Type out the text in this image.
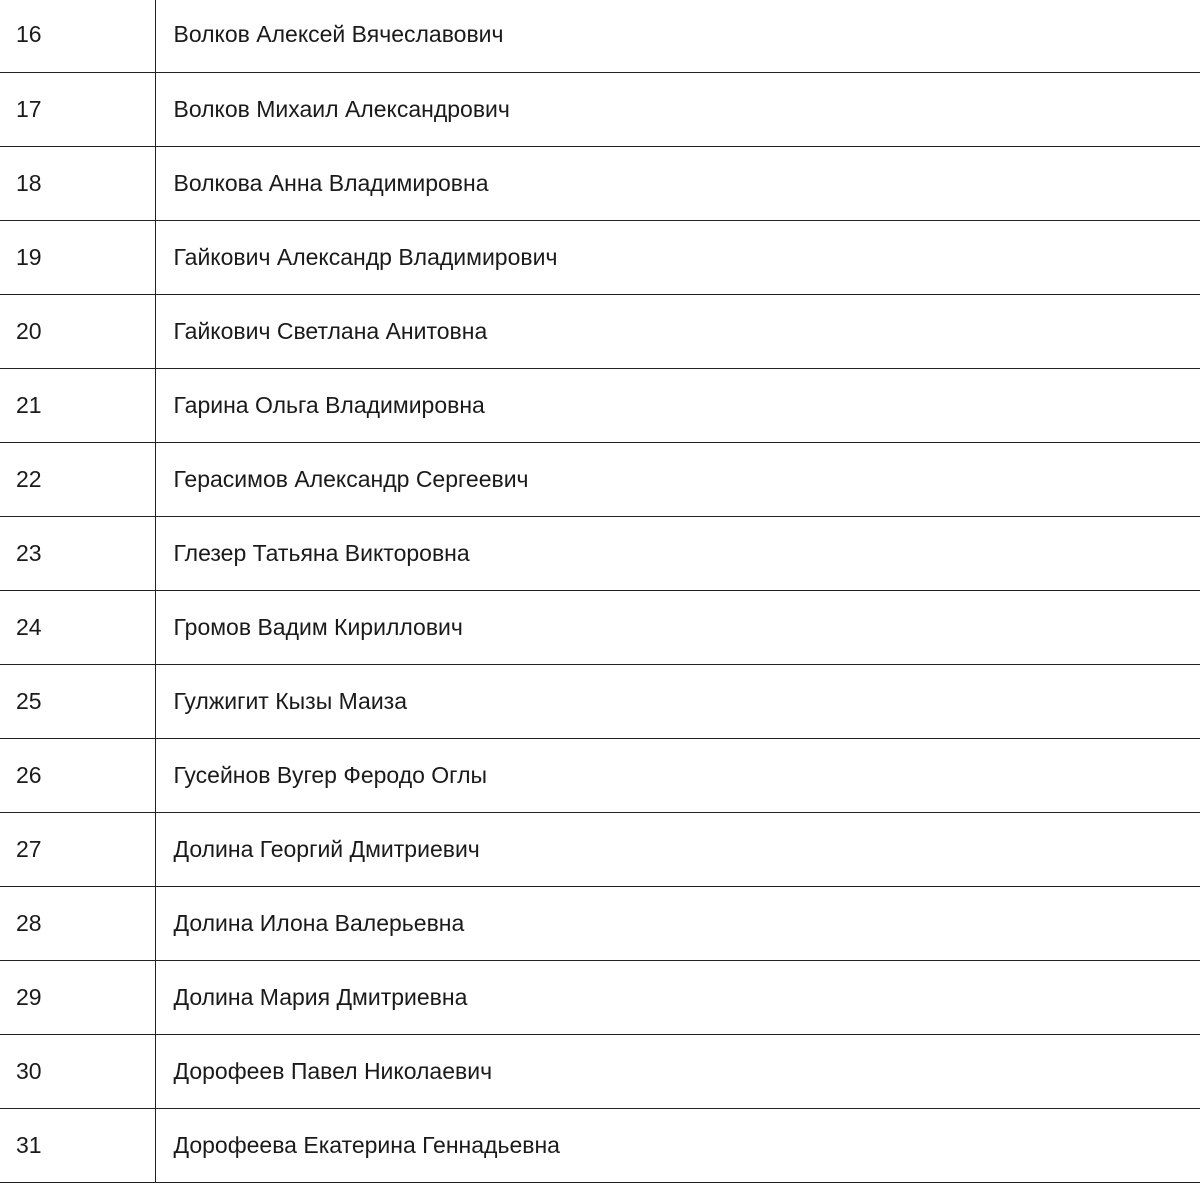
16	Волков Алексей Вячеславович
17	Волков Михаил Александрович
18	Волкова Анна Владимировна
19	Гайкович Александр Владимирович
20	Гайкович Светлана Анитовна
21	Гарина Ольга Владимировна
22	Герасимов Александр Сергеевич
23	Глезер Татьяна Викторовна
24	Громов Вадим Кириллович
25	Гулжигит Кызы Маиза
26	Гусейнов Вугер Феродо Оглы
27	Долина Георгий Дмитриевич
28	Долина Илона Валерьевна
29	Долина Мария Дмитриевна
30	Дорофеев Павел Николаевич
31	Дорофеева Екатерина Геннадьевна
